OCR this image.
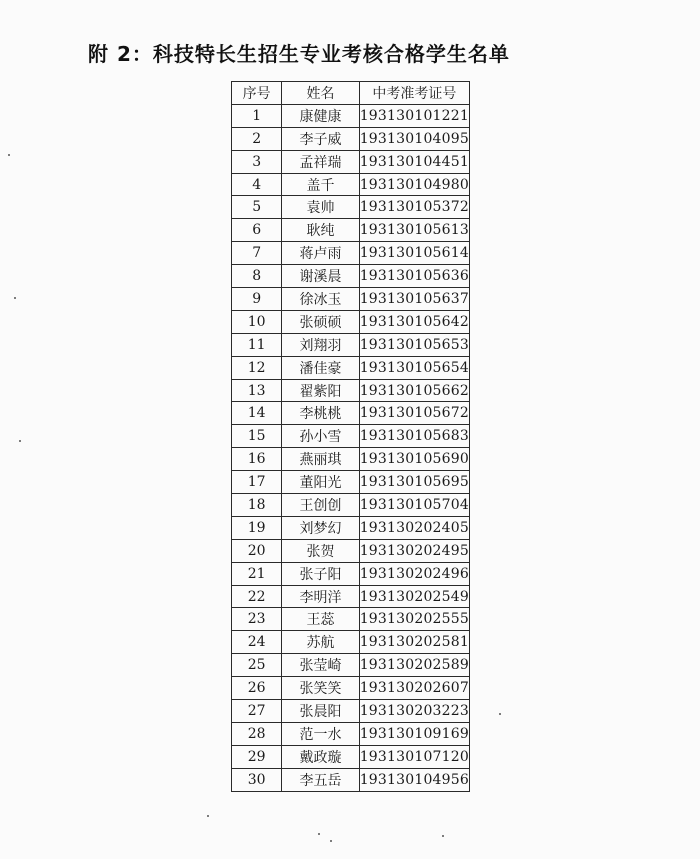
附 2：科技特长生招生专业考核合格学生名单
序号	姓名	中考准考证号
1	康健康	193130101221
2	李子威	193130104095
3	孟祥瑞	193130104451
4	盖千	193130104980
5	袁帅	193130105372
6	耿纯	193130105613
7	蒋卢雨	193130105614
8	谢溪晨	193130105636
9	徐冰玉	193130105637
10	张硕硕	193130105642
11	刘翔羽	193130105653
12	潘佳豪	193130105654
13	翟紫阳	193130105662
14	李桃桃	193130105672
15	孙小雪	193130105683
16	燕丽琪	193130105690
17	董阳光	193130105695
18	王创创	193130105704
19	刘梦幻	193130202405
20	张贺	193130202495
21	张子阳	193130202496
22	李明洋	193130202549
23	王蕊	193130202555
24	苏航	193130202581
25	张莹崎	193130202589
26	张笑笑	193130202607
27	张晨阳	193130203223
28	范一水	193130109169
29	戴政璇	193130107120
30	李五岳	193130104956
